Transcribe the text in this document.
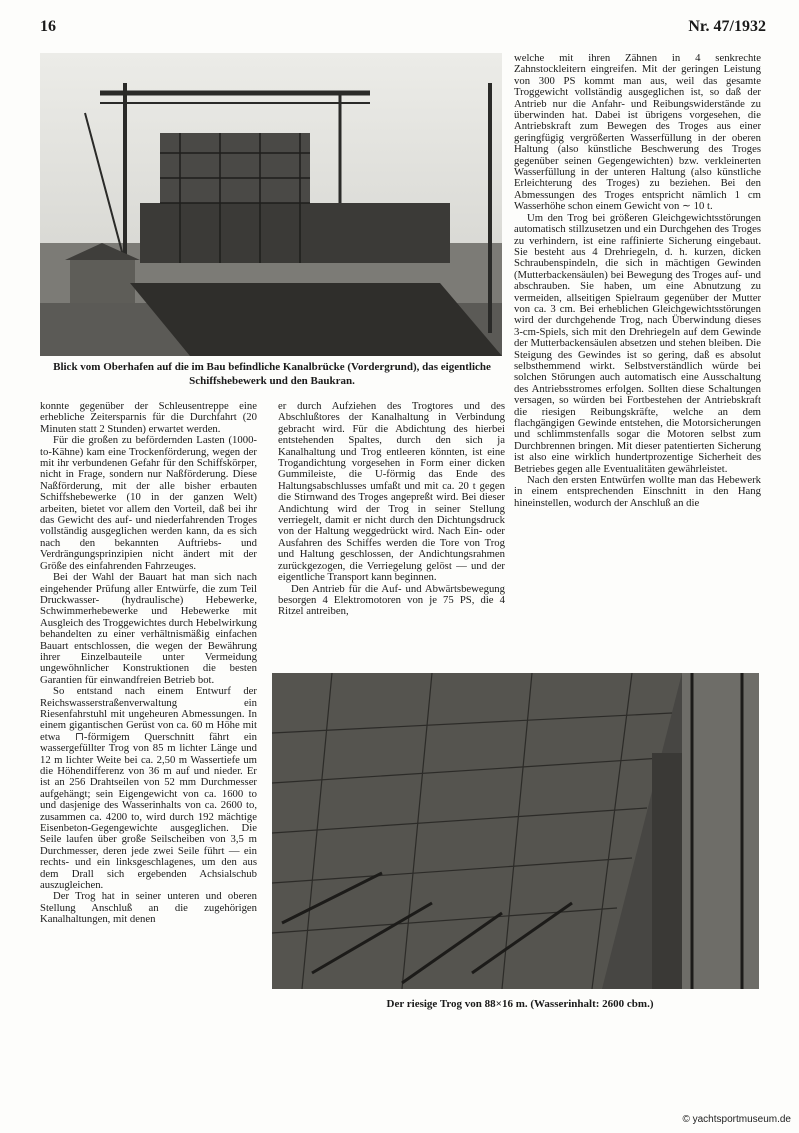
16	Nr. 47/1932
Blick vom Oberhafen auf die im Bau befindliche Kanalbrücke (Vordergrund), das eigentliche Schiffshebewerk und den Baukran.

konnte gegenüber der Schleusentreppe eine erhebliche Zeitersparnis für die Durchfahrt (20 Minuten statt 2 Stunden) erwartet werden.

Für die großen zu befördernden Lasten (1000-to-Kähne) kam eine Trockenförderung, wegen der mit ihr verbundenen Gefahr für den Schiffskörper, nicht in Frage, sondern nur Naßförderung. Diese Naßförderung, mit der alle bisher erbauten Schiffshebewerke (10 in der ganzen Welt) arbeiten, bietet vor allem den Vorteil, daß bei ihr das Gewicht des auf- und niederfahrenden Troges vollständig ausgeglichen werden kann, da es sich nach den bekannten Auftriebs- und Verdrängungsprinzipien nicht ändert mit der Größe des einfahrenden Fahrzeuges.

Bei der Wahl der Bauart hat man sich nach eingehender Prüfung aller Entwürfe, die zum Teil Druckwasser- (hydraulische) Hebewerke, Schwimmerhebewerke und Hebewerke mit Ausgleich des Troggewichtes durch Hebelwirkung behandelten zu einer verhältnismäßig einfachen Bauart entschlossen, die wegen der Bewährung ihrer Einzelbauteile unter Vermeidung ungewöhnlicher Konstruktionen die besten Garantien für einwandfreien Betrieb bot.

So entstand nach einem Entwurf der Reichswasserstraßenverwaltung ein Riesenfahrstuhl mit ungeheuren Abmessungen. In einem gigantischen Gerüst von ca. 60 m Höhe mit etwa ⊓-förmigem Querschnitt fährt ein wassergefüllter Trog von 85 m lichter Länge und 12 m lichter Weite bei ca. 2,50 m Wassertiefe um die Höhendifferenz von 36 m auf und nieder. Er ist an 256 Drahtseilen von 52 mm Durchmesser aufgehängt; sein Eigengewicht von ca. 1600 to und dasjenige des Wasserinhalts von ca. 2600 to, zusammen ca. 4200 to, wird durch 192 mächtige Eisenbeton-Gegengewichte ausgeglichen. Die Seile laufen über große Seilscheiben von 3,5 m Durchmesser, deren jede zwei Seile führt — ein rechts- und ein linksgeschlagenes, um den aus dem Drall sich ergebenden Achsialschub auszugleichen.

Der Trog hat in seiner unteren und oberen Stellung Anschluß an die zugehörigen Kanalhaltungen, mit denen

er durch Aufziehen des Trogtores und des Abschlußtores der Kanalhaltung in Verbindung gebracht wird. Für die Abdichtung des hierbei entstehenden Spaltes, durch den sich ja Kanalhaltung und Trog entleeren könnten, ist eine Trogandichtung vorgesehen in Form einer dicken Gummileiste, die U-förmig das Ende des Haltungsabschlusses umfaßt und mit ca. 20 t gegen die Stirnwand des Troges angepreßt wird. Bei dieser Andichtung wird der Trog in seiner Stellung verriegelt, damit er nicht durch den Dichtungsdruck von der Haltung weggedrückt wird. Nach Ein- oder Ausfahren des Schiffes werden die Tore von Trog und Haltung geschlossen, der Andichtungsrahmen zurückgezogen, die Verriegelung gelöst — und der eigentliche Transport kann beginnen.

Den Antrieb für die Auf- und Abwärtsbewegung besorgen 4 Elektromotoren von je 75 PS, die 4 Ritzel antreiben,

welche mit ihren Zähnen in 4 senkrechte Zahnstockleitern eingreifen. Mit der geringen Leistung von 300 PS kommt man aus, weil das gesamte Troggewicht vollständig ausgeglichen ist, so daß der Antrieb nur die Anfahr- und Reibungswiderstände zu überwinden hat. Dabei ist übrigens vorgesehen, die Antriebskraft zum Bewegen des Troges aus einer geringfügig vergrößerten Wasserfüllung in der oberen Haltung (also künstliche Beschwerung des Troges gegenüber seinen Gegengewichten) bzw. verkleinerten Wasserfüllung in der unteren Haltung (also künstliche Erleichterung des Troges) zu beziehen. Bei den Abmessungen des Troges entspricht nämlich 1 cm Wasserhöhe schon einem Gewicht von ∼ 10 t.

Um den Trog bei größeren Gleichgewichtsstörungen automatisch stillzusetzen und ein Durchgehen des Troges zu verhindern, ist eine raffinierte Sicherung eingebaut. Sie besteht aus 4 Drehriegeln, d. h. kurzen, dicken Schraubenspindeln, die sich in mächtigen Gewinden (Mutterbackensäulen) bei Bewegung des Troges auf- und abschrauben. Sie haben, um eine Abnutzung zu vermeiden, allseitigen Spielraum gegenüber der Mutter von ca. 3 cm. Bei erheblichen Gleichgewichtsstörungen wird der durchgehende Trog, nach Überwindung dieses 3-cm-Spiels, sich mit den Drehriegeln auf dem Gewinde der Mutterbackensäulen absetzen und stehen bleiben. Die Steigung des Gewindes ist so gering, daß es absolut selbsthemmend wirkt. Selbstverständlich würde bei solchen Störungen auch automatisch eine Ausschaltung des Antriebsstromes erfolgen. Sollten diese Schaltungen versagen, so würden bei Fortbestehen der Antriebskraft die riesigen Reibungskräfte, welche an dem flachgängigen Gewinde entstehen, die Motorsicherungen und schlimmstenfalls sogar die Motoren selbst zum Durchbrennen bringen. Mit dieser patentierten Sicherung ist also eine wirklich hundertprozentige Sicherheit des Betriebes gegen alle Eventualitäten gewährleistet.

Nach den ersten Entwürfen wollte man das Hebewerk in einem entsprechenden Einschnitt in den Hang hineinstellen, wodurch der Anschluß an die

Der riesige Trog von 88×16 m. (Wasserinhalt: 2600 cbm.)
© yachtsportmuseum.de
